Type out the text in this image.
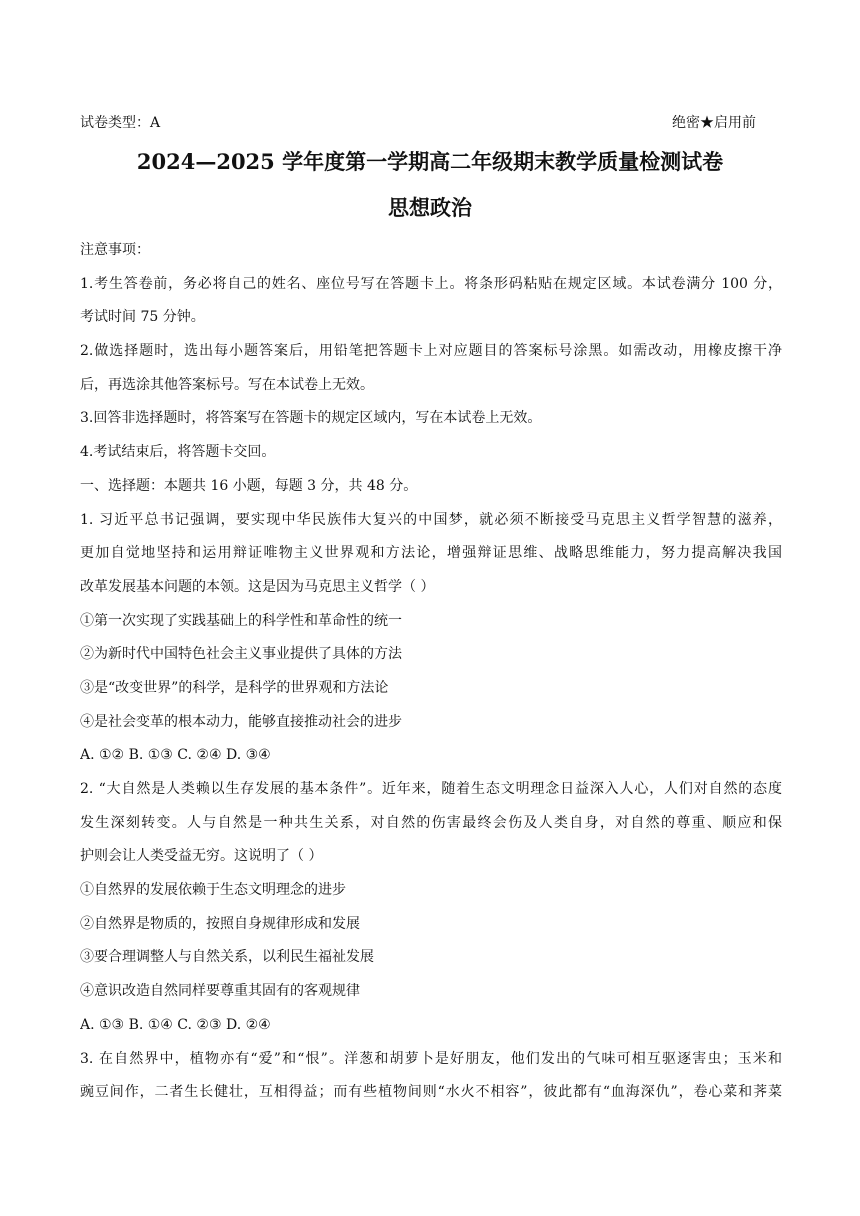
试卷类型：A	绝密★启用前
2024—2025 学年度第一学期高二年级期末教学质量检测试卷
思想政治
注意事项：
1.考生答卷前，务必将自己的姓名、座位号写在答题卡上。将条形码粘贴在规定区域。本试卷满分 100 分，
考试时间 75 分钟。
2.做选择题时，选出每小题答案后，用铅笔把答题卡上对应题目的答案标号涂黑。如需改动，用橡皮擦干净
后，再选涂其他答案标号。写在本试卷上无效。
3.回答非选择题时，将答案写在答题卡的规定区域内，写在本试卷上无效。
4.考试结束后，将答题卡交回。
一、选择题：本题共 16 小题，每题 3 分，共 48 分。
1. 习近平总书记强调，要实现中华民族伟大复兴的中国梦，就必须不断接受马克思主义哲学智慧的滋养，
更加自觉地坚持和运用辩证唯物主义世界观和方法论，增强辩证思维、战略思维能力，努力提高解决我国
改革发展基本问题的本领。这是因为马克思主义哲学（ ）
①第一次实现了实践基础上的科学性和革命性的统一
②为新时代中国特色社会主义事业提供了具体的方法
③是“改变世界”的科学，是科学的世界观和方法论
④是社会变革的根本动力，能够直接推动社会的进步
A. ①② B. ①③ C. ②④ D. ③④
2. “大自然是人类赖以生存发展的基本条件”。近年来，随着生态文明理念日益深入人心，人们对自然的态度
发生深刻转变。人与自然是一种共生关系，对自然的伤害最终会伤及人类自身，对自然的尊重、顺应和保
护则会让人类受益无穷。这说明了（ ）
①自然界的发展依赖于生态文明理念的进步
②自然界是物质的，按照自身规律形成和发展
③要合理调整人与自然关系，以利民生福祉发展
④意识改造自然同样要尊重其固有的客观规律
A. ①③ B. ①④ C. ②③ D. ②④
3. 在自然界中，植物亦有“爱”和“恨”。洋葱和胡萝卜是好朋友，他们发出的气味可相互驱逐害虫；玉米和
豌豆间作，二者生长健壮，互相得益；而有些植物间则“水火不相容”，彼此都有“血海深仇”，卷心菜和荠菜
